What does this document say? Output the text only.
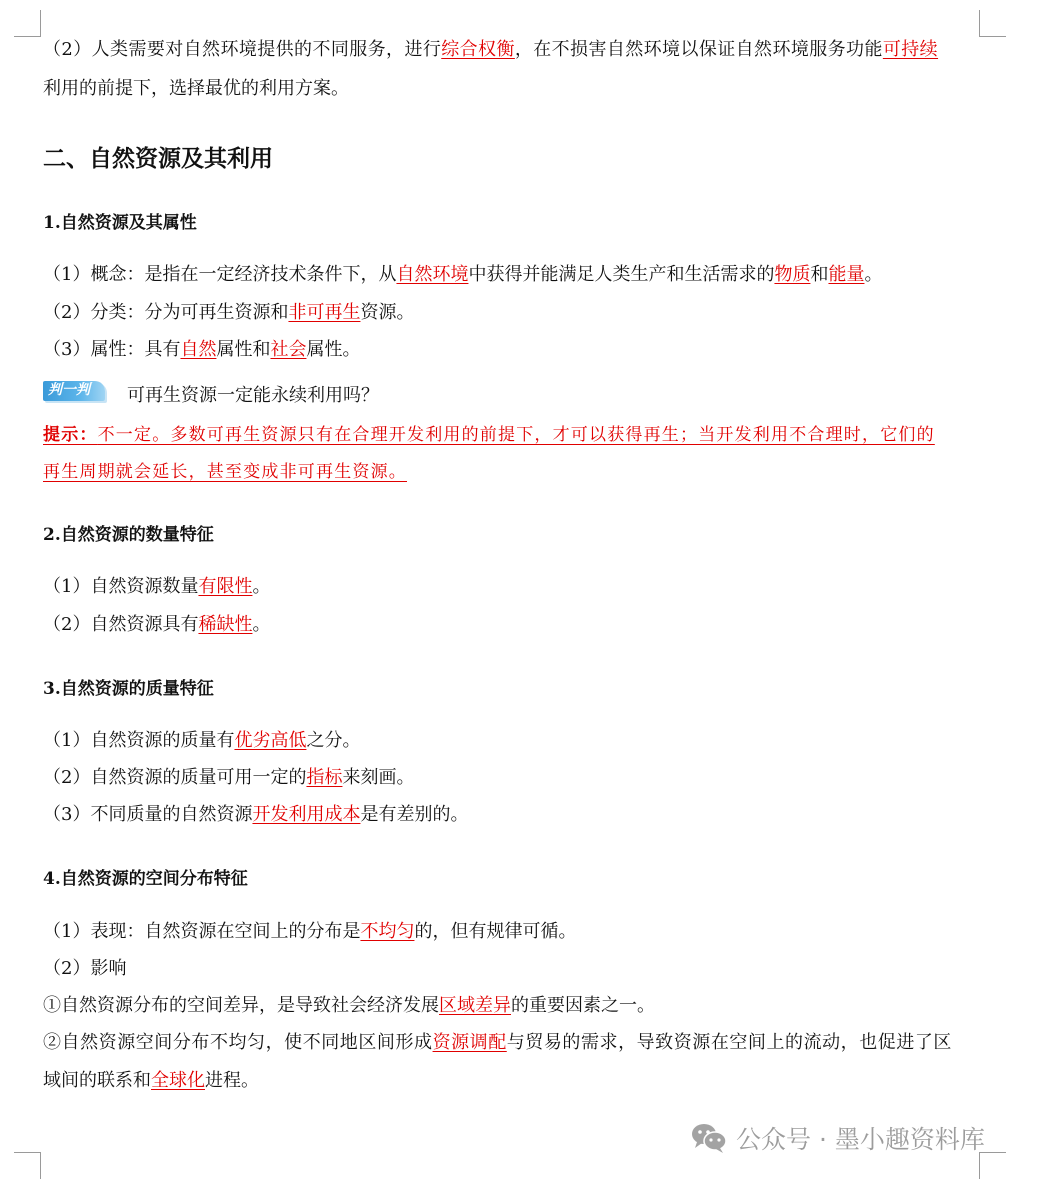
（2）人类需要对自然环境提供的不同服务，进行综合权衡，在不损害自然环境以保证自然环境服务功能可持续
利用的前提下，选择最优的利用方案。
二、自然资源及其利用
1.自然资源及其属性
（1）概念：是指在一定经济技术条件下，从自然环境中获得并能满足人类生产和生活需求的物质和能量。
（2）分类：分为可再生资源和非可再生资源。
（3）属性：具有自然属性和社会属性。
判一判 可再生资源一定能永续利用吗？
提示：不一定。多数可再生资源只有在合理开发利用的前提下，才可以获得再生；当开发利用不合理时，它们的
再生周期就会延长，甚至变成非可再生资源。
2.自然资源的数量特征
（1）自然资源数量有限性。
（2）自然资源具有稀缺性。
3.自然资源的质量特征
（1）自然资源的质量有优劣高低之分。
（2）自然资源的质量可用一定的指标来刻画。
（3）不同质量的自然资源开发利用成本是有差别的。
4.自然资源的空间分布特征
（1）表现：自然资源在空间上的分布是不均匀的，但有规律可循。
（2）影响
①自然资源分布的空间差异，是导致社会经济发展区域差异的重要因素之一。
②自然资源空间分布不均匀，使不同地区间形成资源调配与贸易的需求，导致资源在空间上的流动，也促进了区
域间的联系和全球化进程。
公众号 · 墨小趣资料库
